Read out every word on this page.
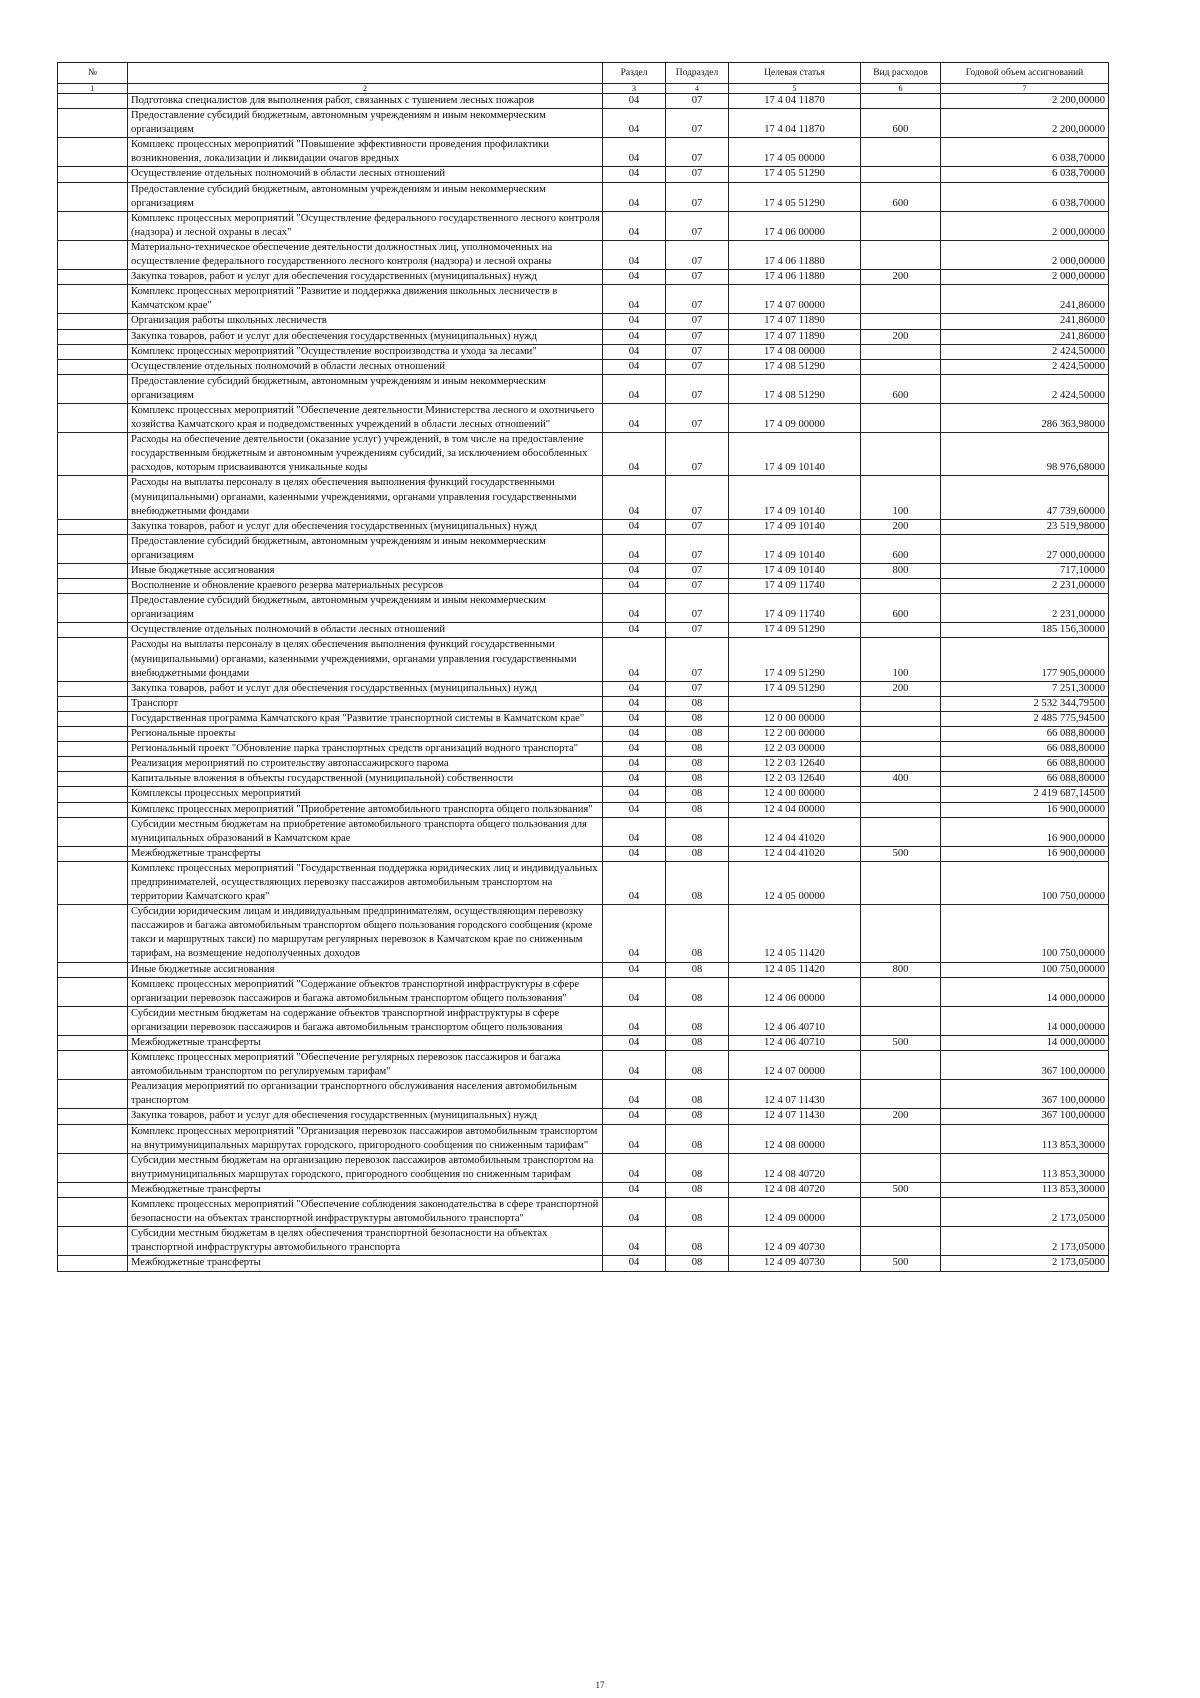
№		Раздел	Подраздел	Целевая статья	Вид расходов	Годовой объем ассигнований
1	2	3	4	5	6	7
	Подготовка специалистов для выполнения работ, связанных с тушением лесных пожаров	04	07	17 4 04 11870		2 200,00000
	Предоставление субсидий бюджетным, автономным учреждениям и иным некоммерческим организациям	04	07	17 4 04 11870	600	2 200,00000
	Комплекс процессных мероприятий "Повышение эффективности проведения профилактики возникновения, локализации и ликвидации очагов вредных	04	07	17 4 05 00000		6 038,70000
	Осуществление отдельных полномочий в области лесных отношений	04	07	17 4 05 51290		6 038,70000
	Предоставление субсидий бюджетным, автономным учреждениям и иным некоммерческим организациям	04	07	17 4 05 51290	600	6 038,70000
	Комплекс процессных мероприятий "Осуществление федерального государственного лесного контроля (надзора) и лесной охраны в лесах"	04	07	17 4 06 00000		2 000,00000
	Материально-техническое обеспечение деятельности должностных лиц, уполномоченных на осуществление федерального государственного лесного контроля (надзора) и лесной охраны	04	07	17 4 06 11880		2 000,00000
	Закупка товаров, работ и услуг для обеспечения государственных (муниципальных) нужд	04	07	17 4 06 11880	200	2 000,00000
	Комплекс процессных мероприятий "Развитие и поддержка движения школьных лесничеств в Камчатском крае"	04	07	17 4 07 00000		241,86000
	Организация работы школьных лесничеств	04	07	17 4 07 11890		241,86000
	Закупка товаров, работ и услуг для обеспечения государственных (муниципальных) нужд	04	07	17 4 07 11890	200	241,86000
	Комплекс процессных мероприятий "Осуществление воспроизводства и ухода за лесами"	04	07	17 4 08 00000		2 424,50000
	Осуществление отдельных полномочий в области лесных отношений	04	07	17 4 08 51290		2 424,50000
	Предоставление субсидий бюджетным, автономным учреждениям и иным некоммерческим организациям	04	07	17 4 08 51290	600	2 424,50000
	Комплекс процессных мероприятий "Обеспечение деятельности Министерства лесного и охотничьего хозяйства Камчатского края и подведомственных учреждений в области лесных отношений"	04	07	17 4 09 00000		286 363,98000
	Расходы на обеспечение деятельности (оказание услуг) учреждений, в том числе на предоставление государственным бюджетным и автономным учреждениям субсидий, за исключением обособленных расходов, которым присваиваются уникальные коды	04	07	17 4 09 10140		98 976,68000
	Расходы на выплаты персоналу в целях обеспечения выполнения функций государственными (муниципальными) органами, казенными учреждениями, органами управления государственными внебюджетными фондами	04	07	17 4 09 10140	100	47 739,60000
	Закупка товаров, работ и услуг для обеспечения государственных (муниципальных) нужд	04	07	17 4 09 10140	200	23 519,98000
	Предоставление субсидий бюджетным, автономным учреждениям и иным некоммерческим организациям	04	07	17 4 09 10140	600	27 000,00000
	Иные бюджетные ассигнования	04	07	17 4 09 10140	800	717,10000
	Восполнение и обновление краевого резерва материальных ресурсов	04	07	17 4 09 11740		2 231,00000
	Предоставление субсидий бюджетным, автономным учреждениям и иным некоммерческим организациям	04	07	17 4 09 11740	600	2 231,00000
	Осуществление отдельных полномочий в области лесных отношений	04	07	17 4 09 51290		185 156,30000
	Расходы на выплаты персоналу в целях обеспечения выполнения функций государственными (муниципальными) органами, казенными учреждениями, органами управления государственными внебюджетными фондами	04	07	17 4 09 51290	100	177 905,00000
	Закупка товаров, работ и услуг для обеспечения государственных (муниципальных) нужд	04	07	17 4 09 51290	200	7 251,30000
	Транспорт	04	08			2 532 344,79500
	Государственная программа Камчатского края "Развитие транспортной системы в Камчатском крае"	04	08	12 0 00 00000		2 485 775,94500
	Региональные проекты	04	08	12 2 00 00000		66 088,80000
	Региональный проект "Обновление парка транспортных средств организаций водного транспорта"	04	08	12 2 03 00000		66 088,80000
	Реализация мероприятий по строительству автопассажирского парома	04	08	12 2 03 12640		66 088,80000
	Капитальные вложения в объекты государственной (муниципальной) собственности	04	08	12 2 03 12640	400	66 088,80000
	Комплексы процессных мероприятий	04	08	12 4 00 00000		2 419 687,14500
	Комплекс процессных мероприятий "Приобретение автомобильного транспорта общего пользования"	04	08	12 4 04 00000		16 900,00000
	Субсидии местным бюджетам на приобретение автомобильного транспорта общего пользования для муниципальных образований в Камчатском крае	04	08	12 4 04 41020		16 900,00000
	Межбюджетные трансферты	04	08	12 4 04 41020	500	16 900,00000
	Комплекс процессных мероприятий "Государственная поддержка юридических лиц и индивидуальных предпринимателей, осуществляющих перевозку пассажиров автомобильным транспортом на территории Камчатского края"	04	08	12 4 05 00000		100 750,00000
	Субсидии юридическим лицам и индивидуальным предпринимателям, осуществляющим перевозку пассажиров и багажа автомобильным транспортом общего пользования городского сообщения (кроме такси и маршрутных такси) по маршрутам регулярных перевозок в Камчатском крае по сниженным тарифам, на возмещение недополученных доходов	04	08	12 4 05 11420		100 750,00000
	Иные бюджетные ассигнования	04	08	12 4 05 11420	800	100 750,00000
	Комплекс процессных мероприятий "Содержание объектов транспортной инфраструктуры в сфере организации перевозок пассажиров и багажа автомобильным транспортом общего пользования"	04	08	12 4 06 00000		14 000,00000
	Субсидии местным бюджетам на содержание объектов транспортной инфраструктуры в сфере организации перевозок пассажиров и багажа автомобильным транспортом общего пользования	04	08	12 4 06 40710		14 000,00000
	Межбюджетные трансферты	04	08	12 4 06 40710	500	14 000,00000
	Комплекс процессных мероприятий "Обеспечение регулярных перевозок пассажиров и багажа автомобильным транспортом по регулируемым тарифам"	04	08	12 4 07 00000		367 100,00000
	Реализация мероприятий по организации транспортного обслуживания населения автомобильным транспортом	04	08	12 4 07 11430		367 100,00000
	Закупка товаров, работ и услуг для обеспечения государственных (муниципальных) нужд	04	08	12 4 07 11430	200	367 100,00000
	Комплекс процессных мероприятий "Организация перевозок пассажиров автомобильным транспортом на внутримуниципальных маршрутах городского, пригородного сообщения по сниженным тарифам"	04	08	12 4 08 00000		113 853,30000
	Субсидии местным бюджетам на организацию перевозок пассажиров автомобильным транспортом на внутримуниципальных маршрутах городского, пригородного сообщения по сниженным тарифам	04	08	12 4 08 40720		113 853,30000
	Межбюджетные трансферты	04	08	12 4 08 40720	500	113 853,30000
	Комплекс процессных мероприятий "Обеспечение соблюдения законодательства в сфере транспортной безопасности на объектах транспортной инфраструктуры автомобильного транспорта"	04	08	12 4 09 00000		2 173,05000
	Субсидии местным бюджетам в целях обеспечения транспортной безопасности на объектах транспортной инфраструктуры автомобильного транспорта	04	08	12 4 09 40730		2 173,05000
	Межбюджетные трансферты	04	08	12 4 09 40730	500	2 173,05000
17
